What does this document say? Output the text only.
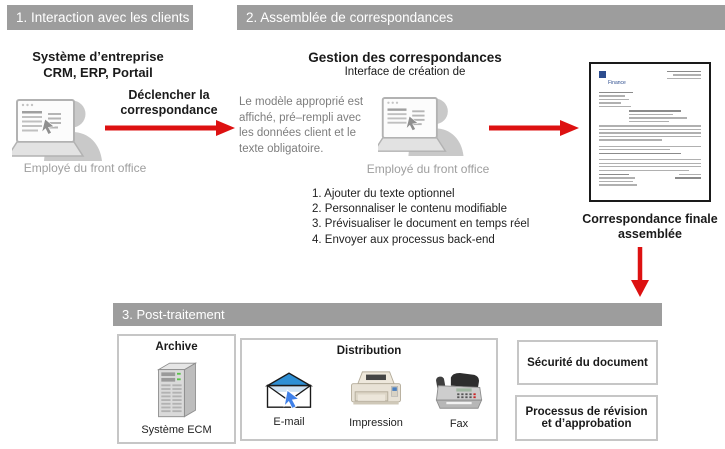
1. Interaction avec les clients	2. Assemblée de correspondances
Système d’entreprise
CRM, ERP, Portail
Employé du front office
Déclencher la correspondance
Gestion des correspondances
Interface de création de
Le modèle approprié est affiché, pré–rempli avec les données client et le texte obligatoire.
Employé du front office
1. Ajouter du texte optionnel
2. Personnaliser le contenu modifiable
3. Prévisualiser le document en temps réel
4. Envoyer aux processus back-end
Finance
Correspondance finale assemblée
3. Post-traitement
Archive
Système ECM
Distribution
E-mail	Impression	Fax
Sécurité du document
Processus de révision et d’approbation
